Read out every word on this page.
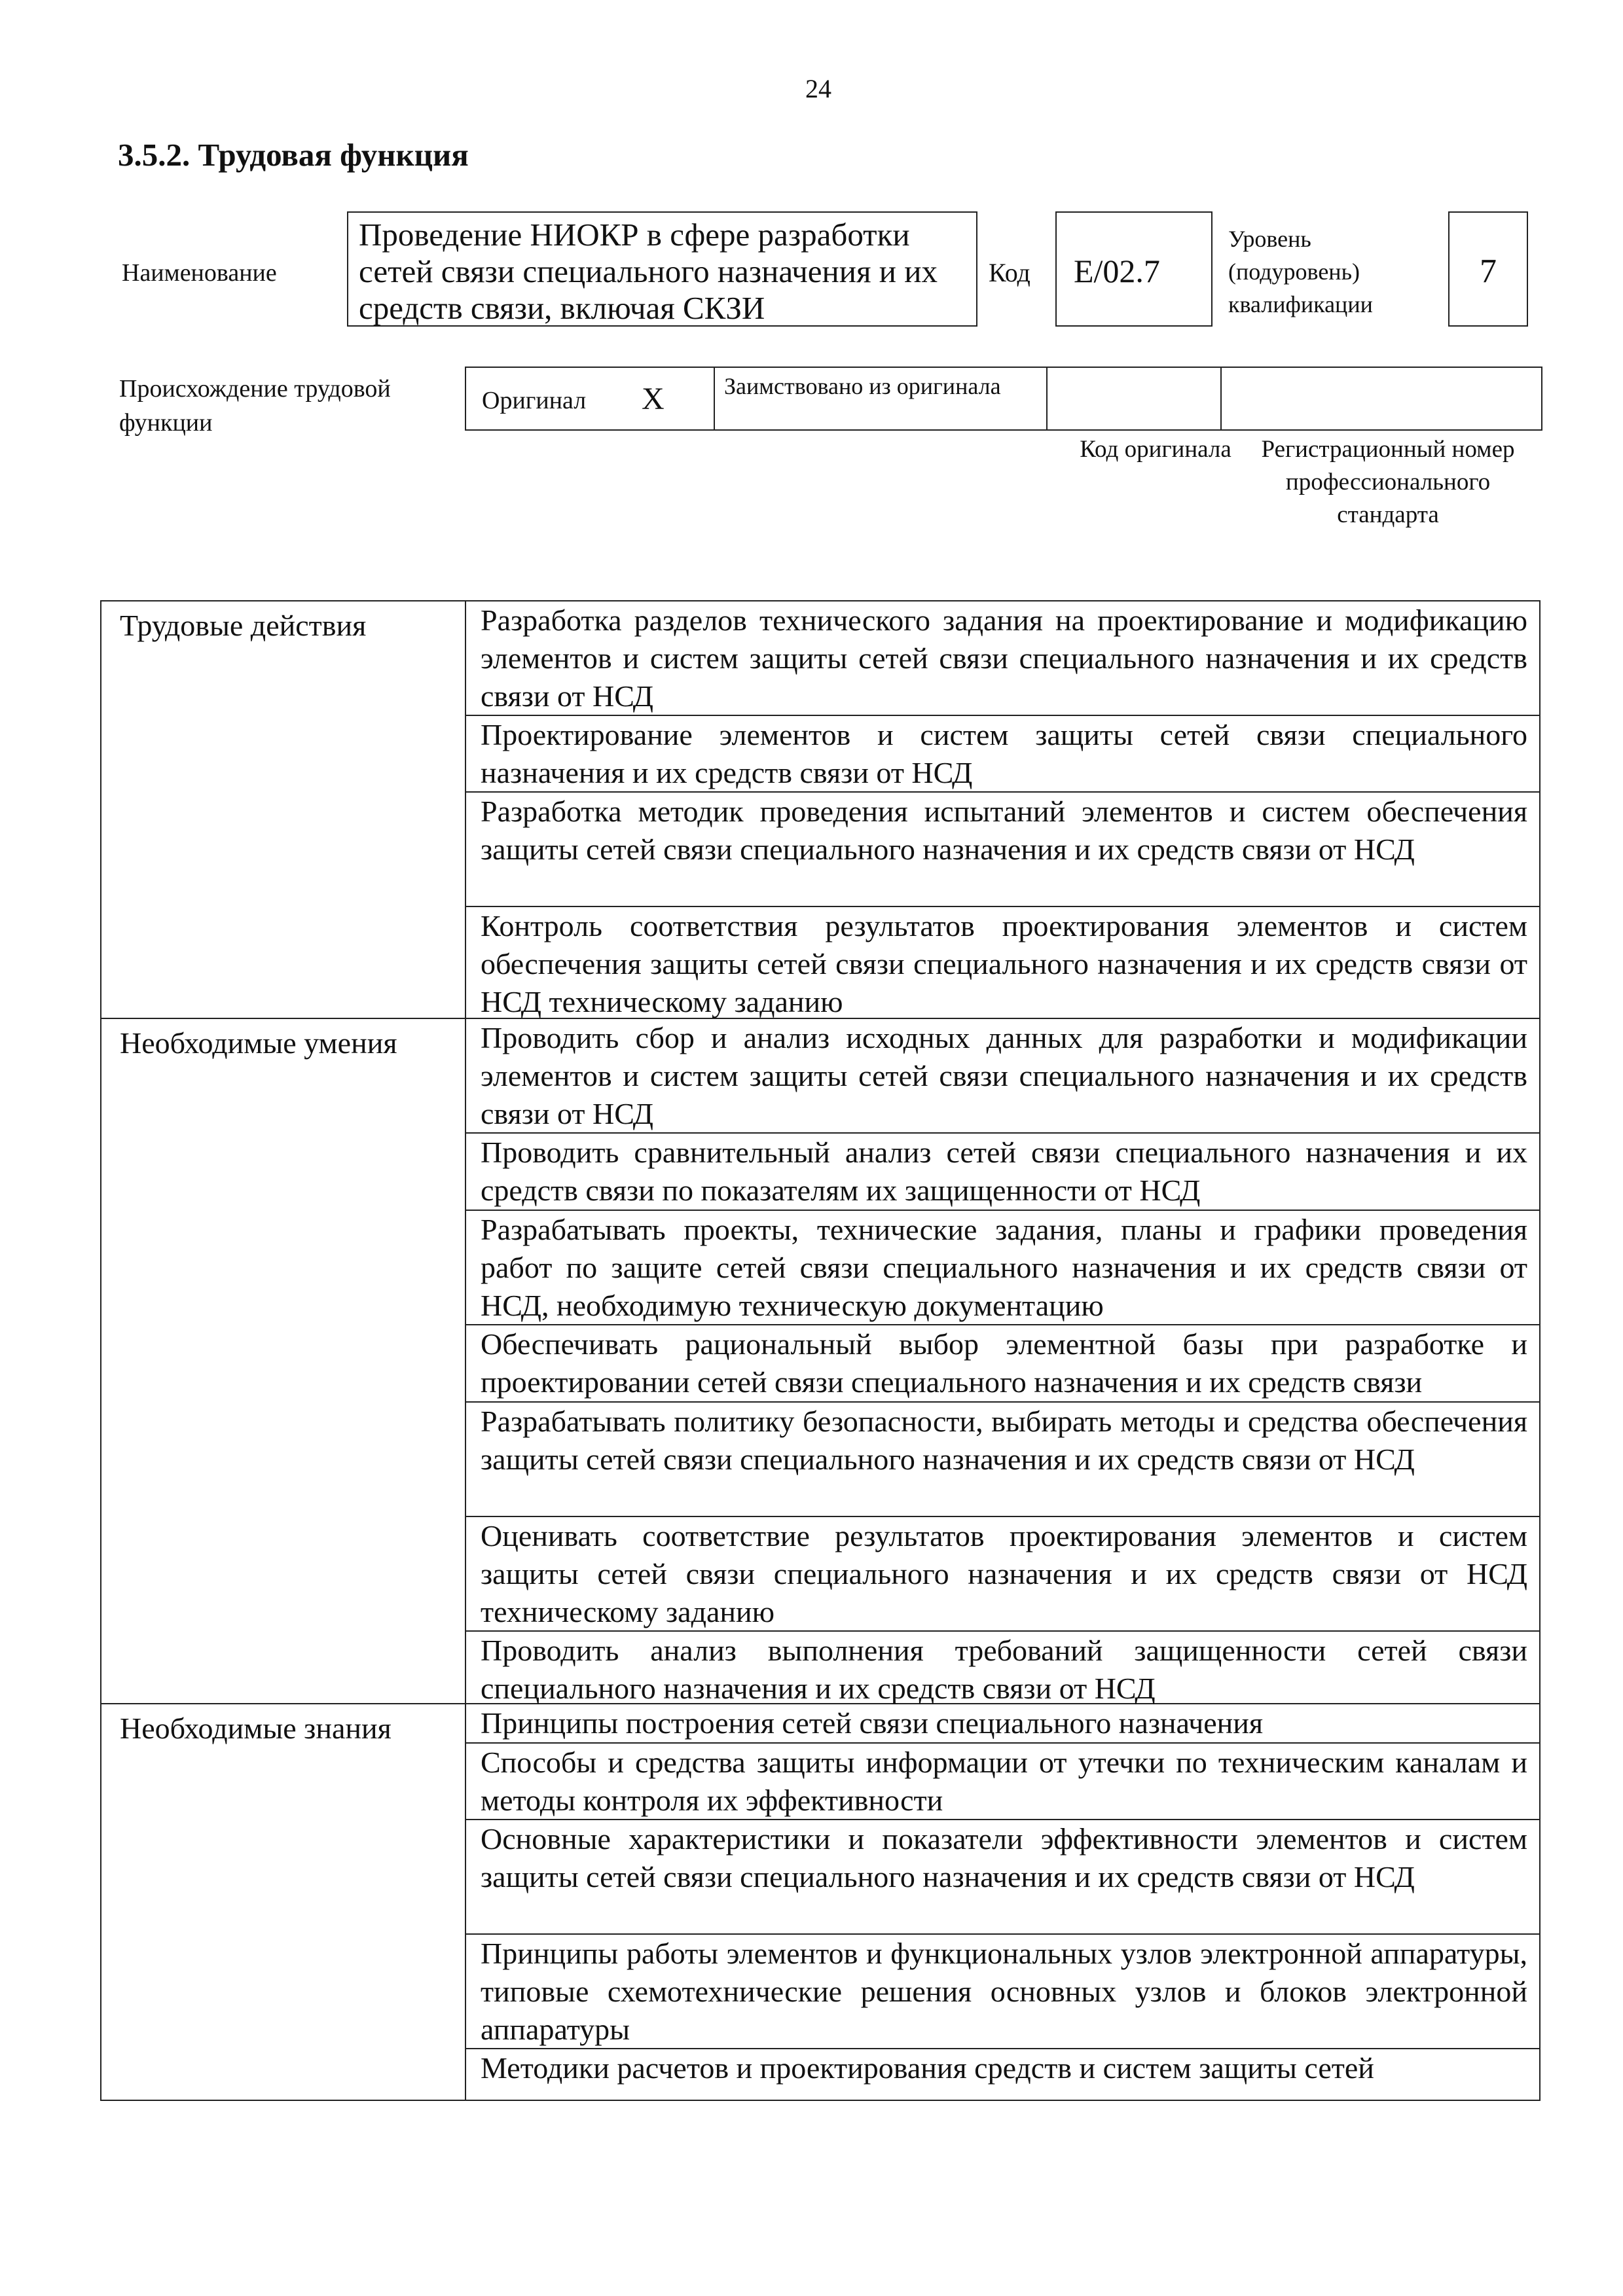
24
3.5.2. Трудовая функция
Наименование
Проведение НИОКР в сфере разработки сетей связи специального назначения и их средств связи, включая СКЗИ
Код	E/02.7
Уровень (подуровень) квалификации
7
Происхождение трудовой функции
Оригинал X	Заимствовано из оригинала
Код оригинала	Регистрационный номер профессионального стандарта
Трудовые действия	Разработка разделов технического задания на проектирование и модификацию элементов и систем защиты сетей связи специального назначения и их средств связи от НСД
Проектирование элементов и систем защиты сетей связи специального назначения и их средств связи от НСД
Разработка методик проведения испытаний элементов и систем обеспечения защиты сетей связи специального назначения и их средств связи от НСД
Контроль соответствия результатов проектирования элементов и систем обеспечения защиты сетей связи специального назначения и их средств связи от НСД техническому заданию
Необходимые умения	Проводить сбор и анализ исходных данных для разработки и модификации элементов и систем защиты сетей связи специального назначения и их средств связи от НСД
Проводить сравнительный анализ сетей связи специального назначения и их средств связи по показателям их защищенности от НСД
Разрабатывать проекты, технические задания, планы и графики проведения работ по защите сетей связи специального назначения и их средств связи от НСД, необходимую техническую документацию
Обеспечивать рациональный выбор элементной базы при разработке и проектировании сетей связи специального назначения и их средств связи
Разрабатывать политику безопасности, выбирать методы и средства обеспечения защиты сетей связи специального назначения и их средств связи от НСД
Оценивать соответствие результатов проектирования элементов и систем защиты сетей связи специального назначения и их средств связи от НСД техническому заданию
Проводить анализ выполнения требований защищенности сетей связи специального назначения и их средств связи от НСД
Необходимые знания	Принципы построения сетей связи специального назначения
Способы и средства защиты информации от утечки по техническим каналам и методы контроля их эффективности
Основные характеристики и показатели эффективности элементов и систем защиты сетей связи специального назначения и их средств связи от НСД
Принципы работы элементов и функциональных узлов электронной аппаратуры, типовые схемотехнические решения основных узлов и блоков электронной аппаратуры
Методики расчетов и проектирования средств и систем защиты сетей
